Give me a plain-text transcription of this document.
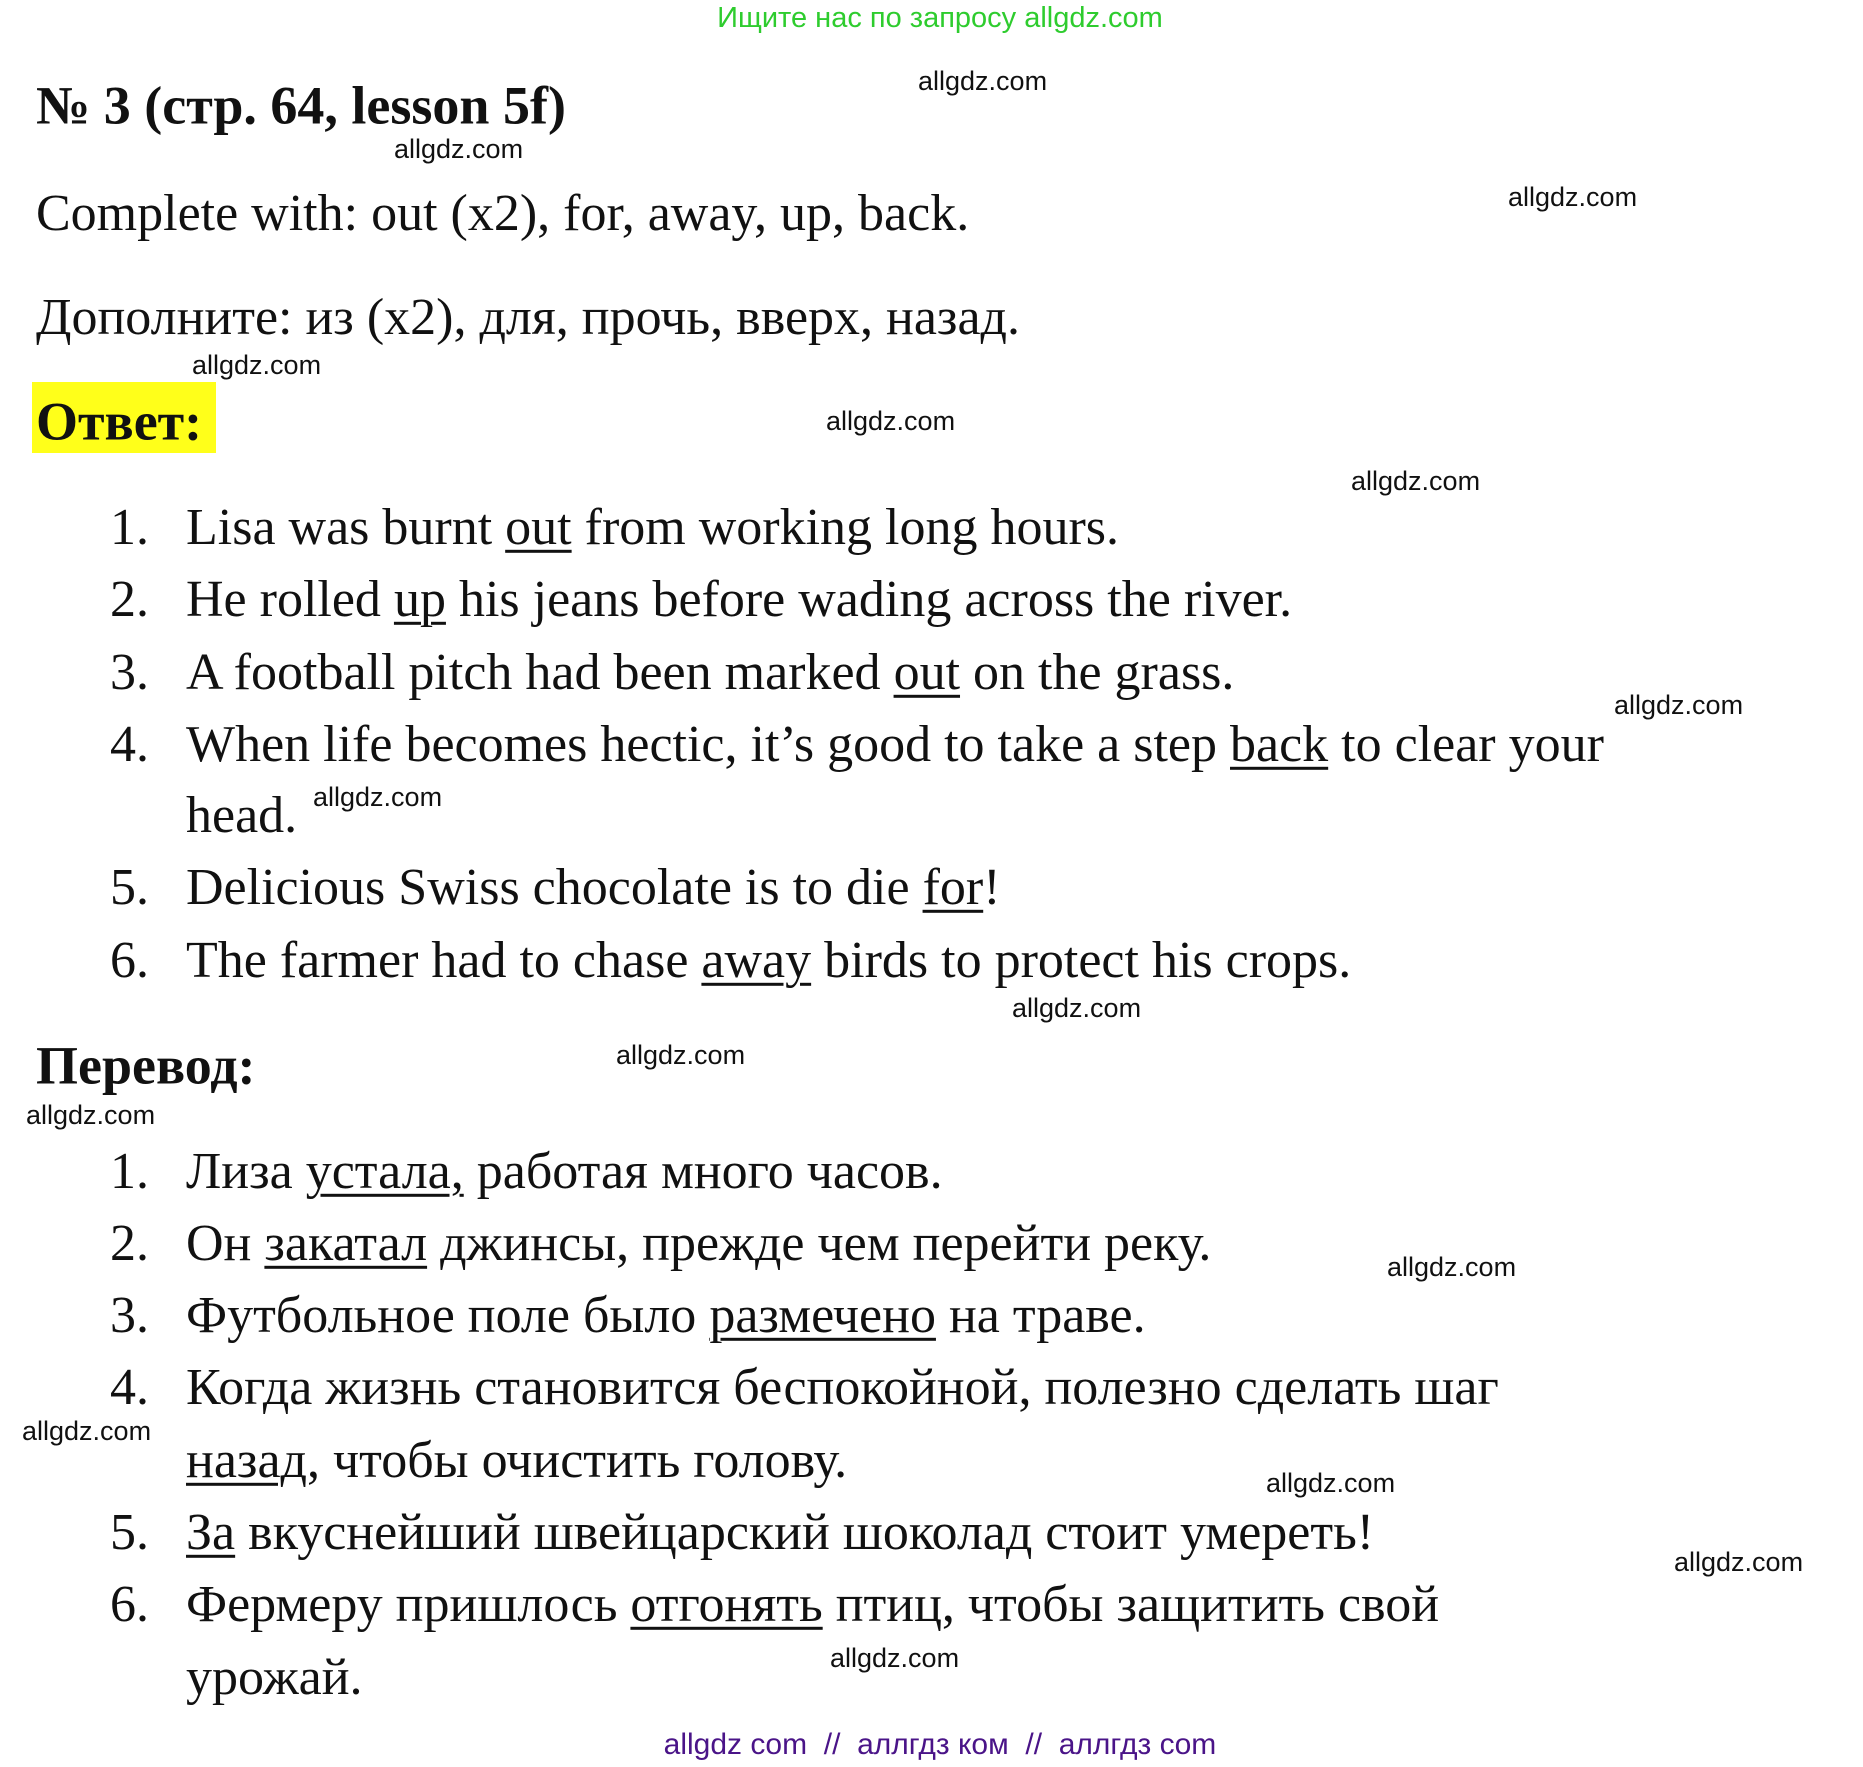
Ищите нас по запросу allgdz.com
№ 3 (стр. 64, lesson 5f)
Complete with: out (x2), for, away, up, back.
Дополните: из (x2), для, прочь, вверх, назад.
Ответ:
1. Lisa was burnt out from working long hours.
2. He rolled up his jeans before wading across the river.
3. A football pitch had been marked out on the grass.
4. When life becomes hectic, it’s good to take a step back to clear your
head.
5. Delicious Swiss chocolate is to die for!
6. The farmer had to chase away birds to protect his crops.
Перевод:
1. Лиза устала, работая много часов.
2. Он закатал джинсы, прежде чем перейти реку.
3. Футбольное поле было размечено на траве.
4. Когда жизнь становится беспокойной, полезно сделать шаг
назад, чтобы очистить голову.
5. За вкуснейший швейцарский шоколад стоит умереть!
6. Фермеру пришлось отгонять птиц, чтобы защитить свой
урожай.
allgdz.com
allgdz.com
allgdz.com
allgdz.com
allgdz.com
allgdz.com
allgdz.com
allgdz.com
allgdz.com
allgdz.com
allgdz.com
allgdz.com
allgdz.com
allgdz.com
allgdz.com
allgdz.com
allgdz com  //  аллгдз ком  //  аллгдз com
